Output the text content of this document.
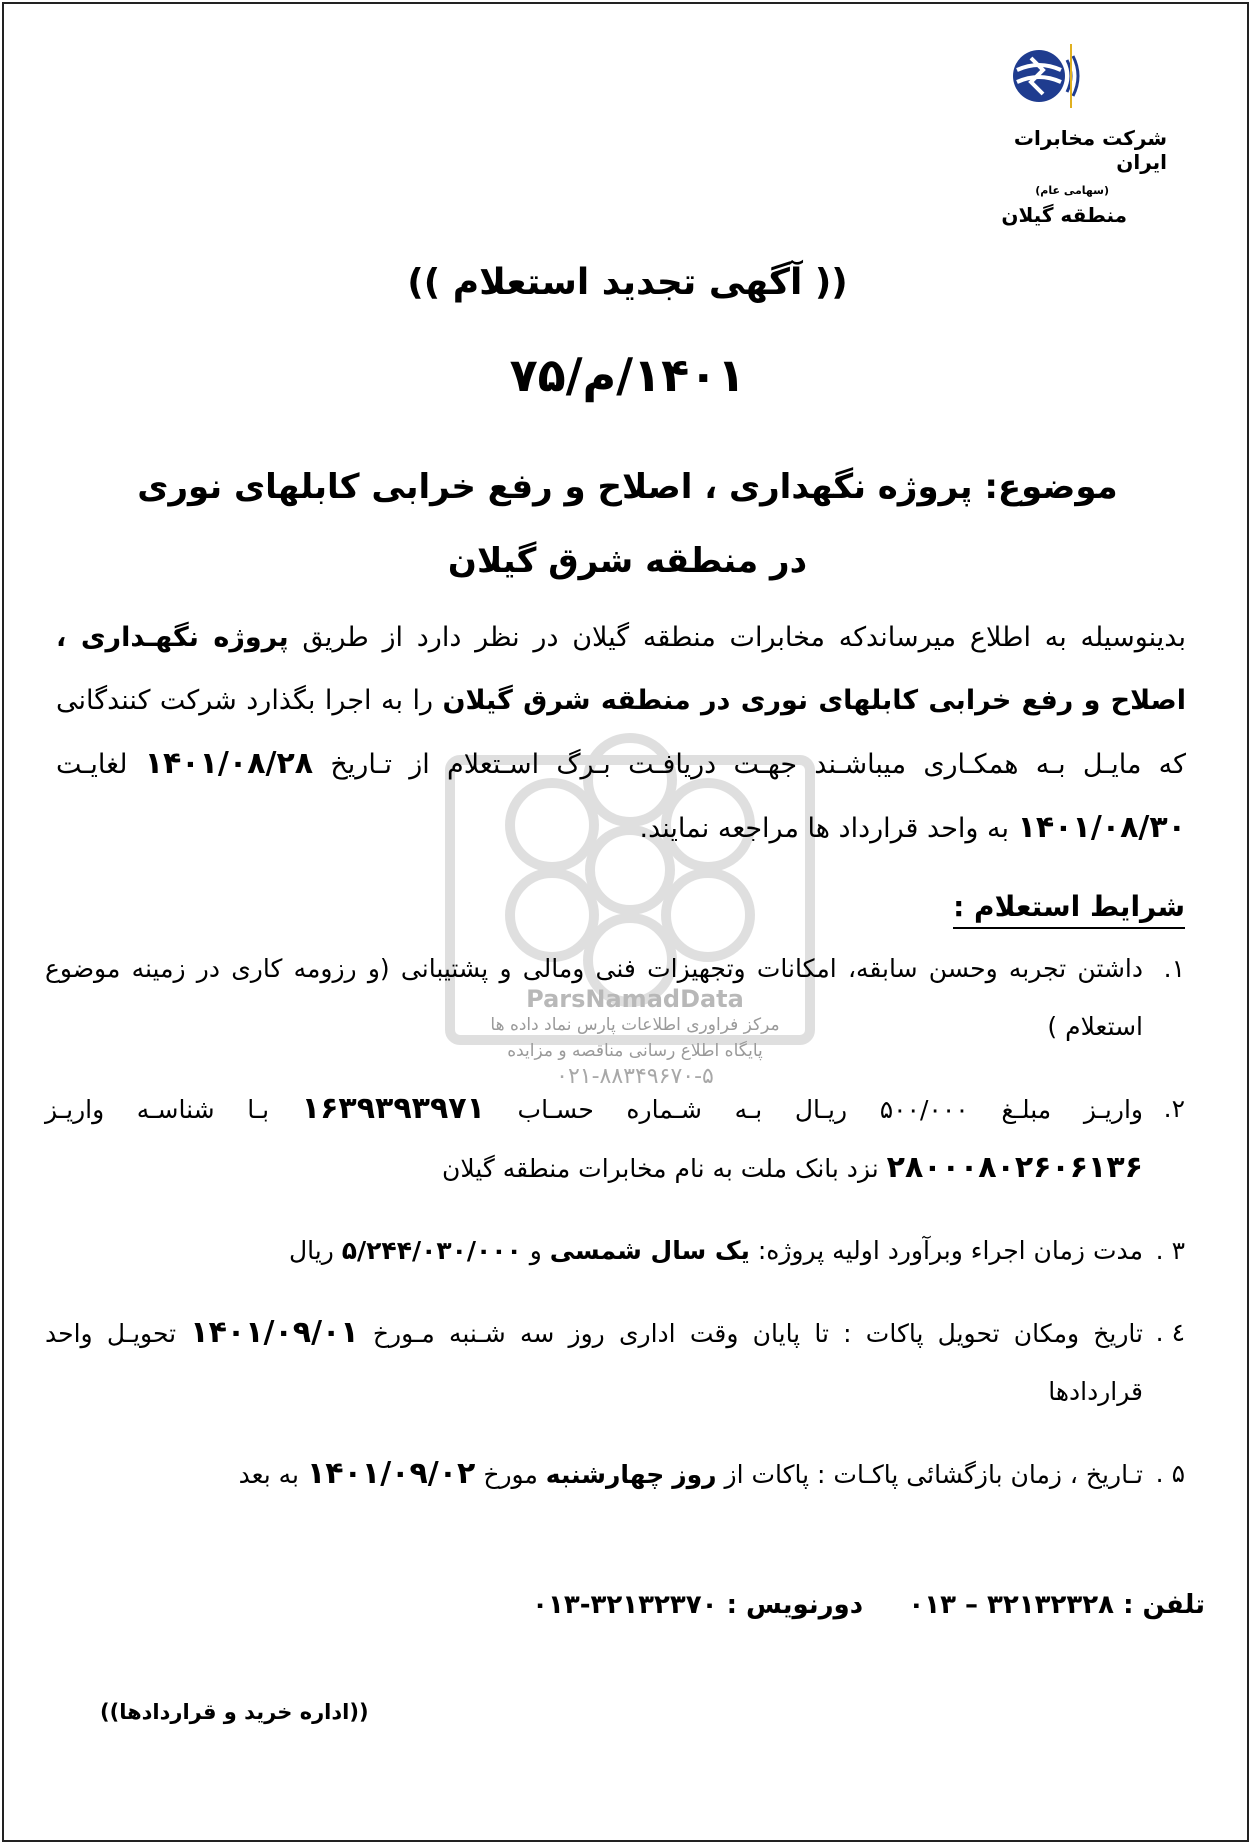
ParsNamadData
مرکز فراوری اطلاعات پارس نماد داده ها
پایگاه اطلاع رسانی مناقصه و مزایده
۰۲۱-۸۸۳۴۹۶۷۰-۵
شرکت مخابرات ایران
(سهامی عام)
منطقه گیلان
(( آگهی تجدید استعلام ))
۱۴۰۱/م/۷۵
موضوع: پروژه نگهداری ، اصلاح و رفع خرابی کابلهای نوری
در منطقه شرق گیلان
بدینوسیله به اطلاع میرساندکه مخابرات منطقه گیلان در نظر دارد از طریق پروژه نگهـداری ، اصلاح و رفع خرابی کابلهای نوری در منطقه شرق گیلان را به اجرا بگذارد شرکت کنندگانی که مایـل بـه همکـاری میباشـند جهـت دریافـت بـرگ اسـتعلام از تـاریخ ۱۴۰۱/۰۸/۲۸ لغایـت ۱۴۰۱/۰۸/۳۰ به واحد قرارداد ها مراجعه نمایند.
شرایط استعلام :
۱.
داشتن تجربه وحسن سابقه، امکانات وتجهیزات فنی ومالی و پشتیبانی (و رزومه کاری در زمینه موضوع استعلام )
۲.
واریـز مبلـغ ۵۰۰/۰۰۰ ریـال بـه شـماره حسـاب ۱۶۳۹۳۹۳۹۷۱ بـا شناسـه واریـز ۲۸۰۰۰۸۰۲۶۰۶۱۳۶ نزد بانک ملت به نام مخابرات منطقه گیلان
۳ .
مدت زمان اجراء وبرآورد اولیه پروژه: یک سال شمسی و ۵/۲۴۴/۰۳۰/۰۰۰ ریال
٤ .
تاریخ ومکان تحویل پاکات : تا پایان وقت اداری روز سه شـنبه مـورخ ۱۴۰۱/۰۹/۰۱ تحویـل واحد قراردادها
۵ .
تـاریخ ، زمان بازگشائی پاکـات : پاکات از روز چهارشنبه مورخ ۱۴۰۱/۰۹/۰۲ به بعد
تلفن : ۳۲۱۳۲۳۲۸ – ۰۱۳     دورنویس : ۳۲۱۳۲۳۷۰-۰۱۳
((اداره خرید و قراردادها))
